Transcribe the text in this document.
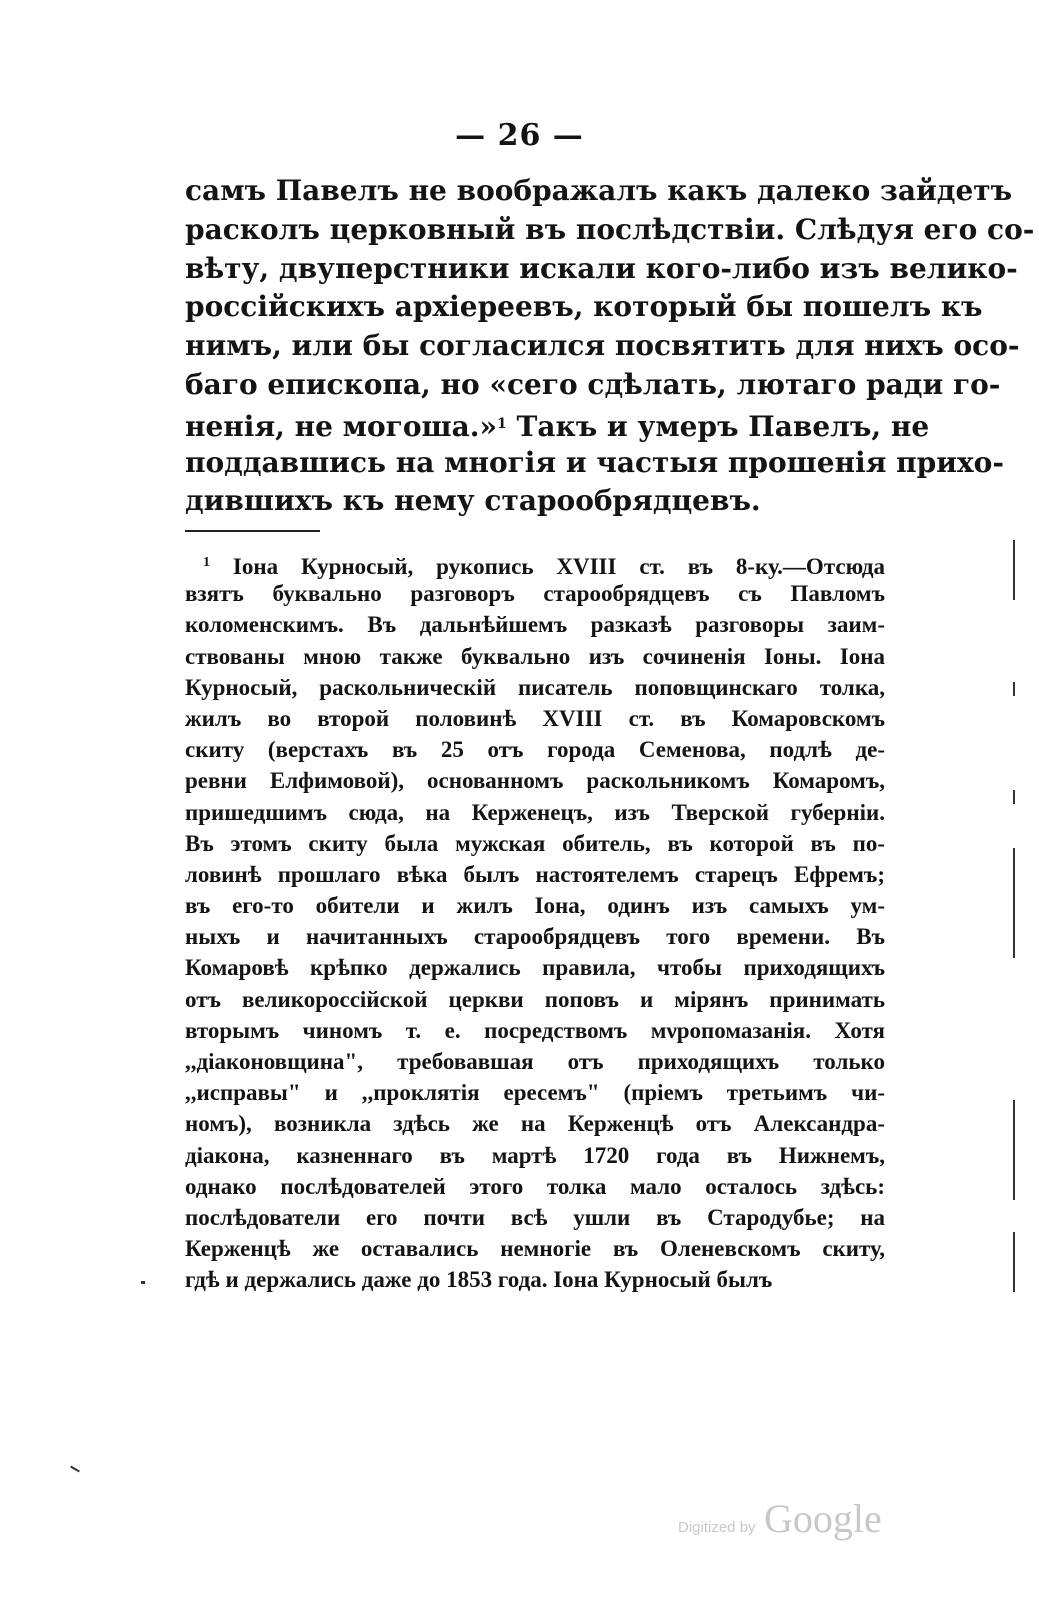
— 26 —
самъ Павелъ не воображалъ какъ далеко зайдетъ
расколъ церковный въ послѣдствіи. Слѣдуя его со-
вѣту, двуперстники искали кого-либо изъ велико-
россійскихъ архіереевъ, который бы пошелъ къ
нимъ, или бы согласился посвятить для нихъ осо-
баго епископа, но «сего сдѣлать, лютаго ради го-
ненія, не могоша.»$^1$ Такъ и умеръ Павелъ, не
поддавшись на многія и частыя прошенія прихо-
дившихъ къ нему старообрядцевъ.
$^1$ Іона Курносый, рукопись XVIII ст. въ 8-ку.—Отсюда
взятъ буквально разговоръ старообрядцевъ съ Павломъ
коломенскимъ. Въ дальнѣйшемъ разказѣ разговоры заим-
ствованы мною также буквально изъ сочиненія Іоны. Іона
Курносый, раскольническій писатель поповщинскаго толка,
жилъ во второй половинѣ XVIII ст. въ Комаровскомъ
скиту (верстахъ въ 25 отъ города Семенова, подлѣ де-
ревни Елфимовой), основанномъ раскольникомъ Комаромъ,
пришедшимъ сюда, на Керженецъ, изъ Тверской губерніи.
Въ этомъ скиту была мужская обитель, въ которой въ по-
ловинѣ прошлаго вѣка былъ настоятелемъ старецъ Ефремъ;
въ его-то обители и жилъ Іона, одинъ изъ самыхъ ум-
ныхъ и начитанныхъ старообрядцевъ того времени. Въ
Комаровѣ крѣпко держались правила, чтобы приходящихъ
отъ великороссійской церкви поповъ и мірянъ принимать
вторымъ чиномъ т. е. посредствомъ мνропомазанія. Хотя
,,діаконовщина", требовавшая отъ приходящихъ только
,,исправы" и ,,проклятія ересемъ" (пріемъ третьимъ чи-
номъ), возникла здѣсь же на Керженцѣ отъ Александра-
діакона, казненнаго въ мартѣ 1720 года въ Нижнемъ,
однако послѣдователей этого толка мало осталось здѣсь:
послѣдователи его почти всѣ ушли въ Стародубье; на
Керженцѣ же оставались немногіе въ Оленевскомъ скиту,
гдѣ и держались даже до 1853 года. Іона Курносый былъ
Digitized by Google
